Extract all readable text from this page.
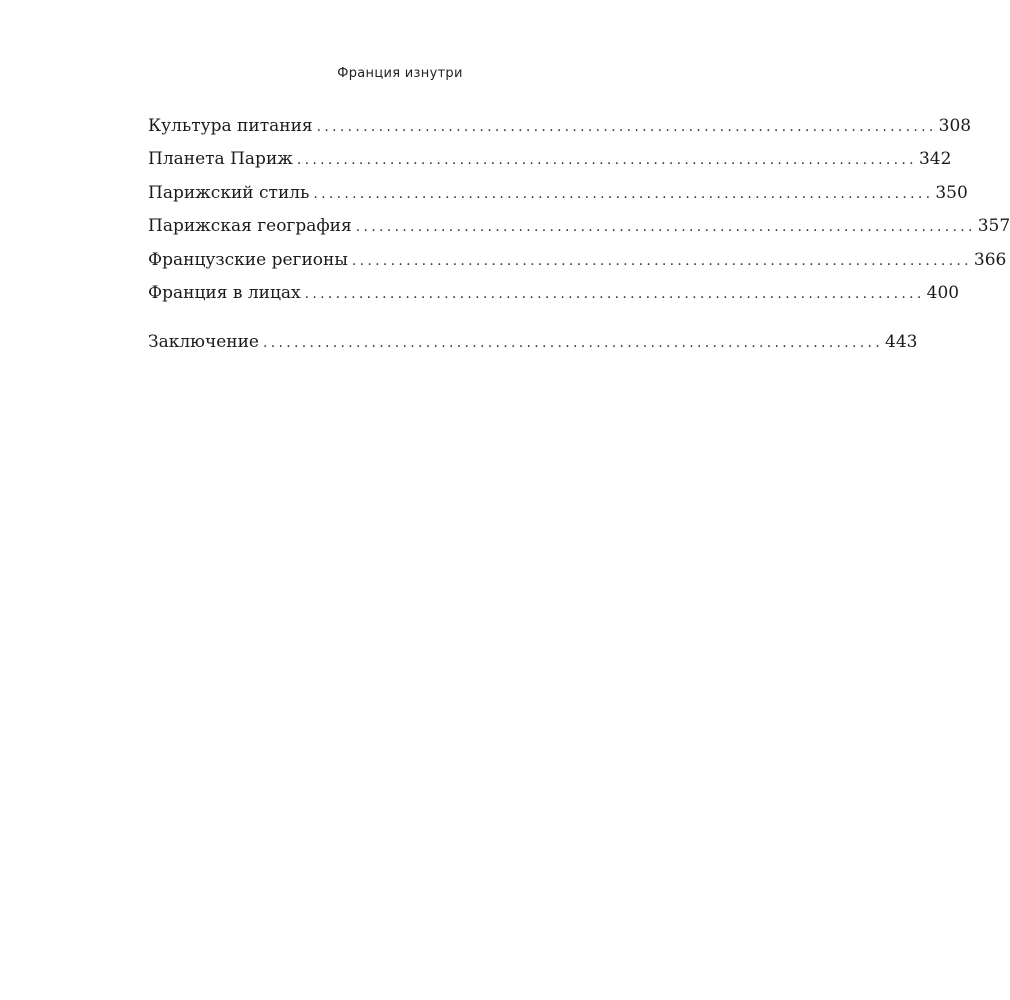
Франция изнутри
Культура питания ................................................................................ 308
Планета Париж ................................................................................ 342
Парижский стиль ................................................................................ 350
Парижская география ................................................................................ 357
Французские регионы ................................................................................ 366
Франция в лицах ................................................................................ 400
Заключение ................................................................................ 443
